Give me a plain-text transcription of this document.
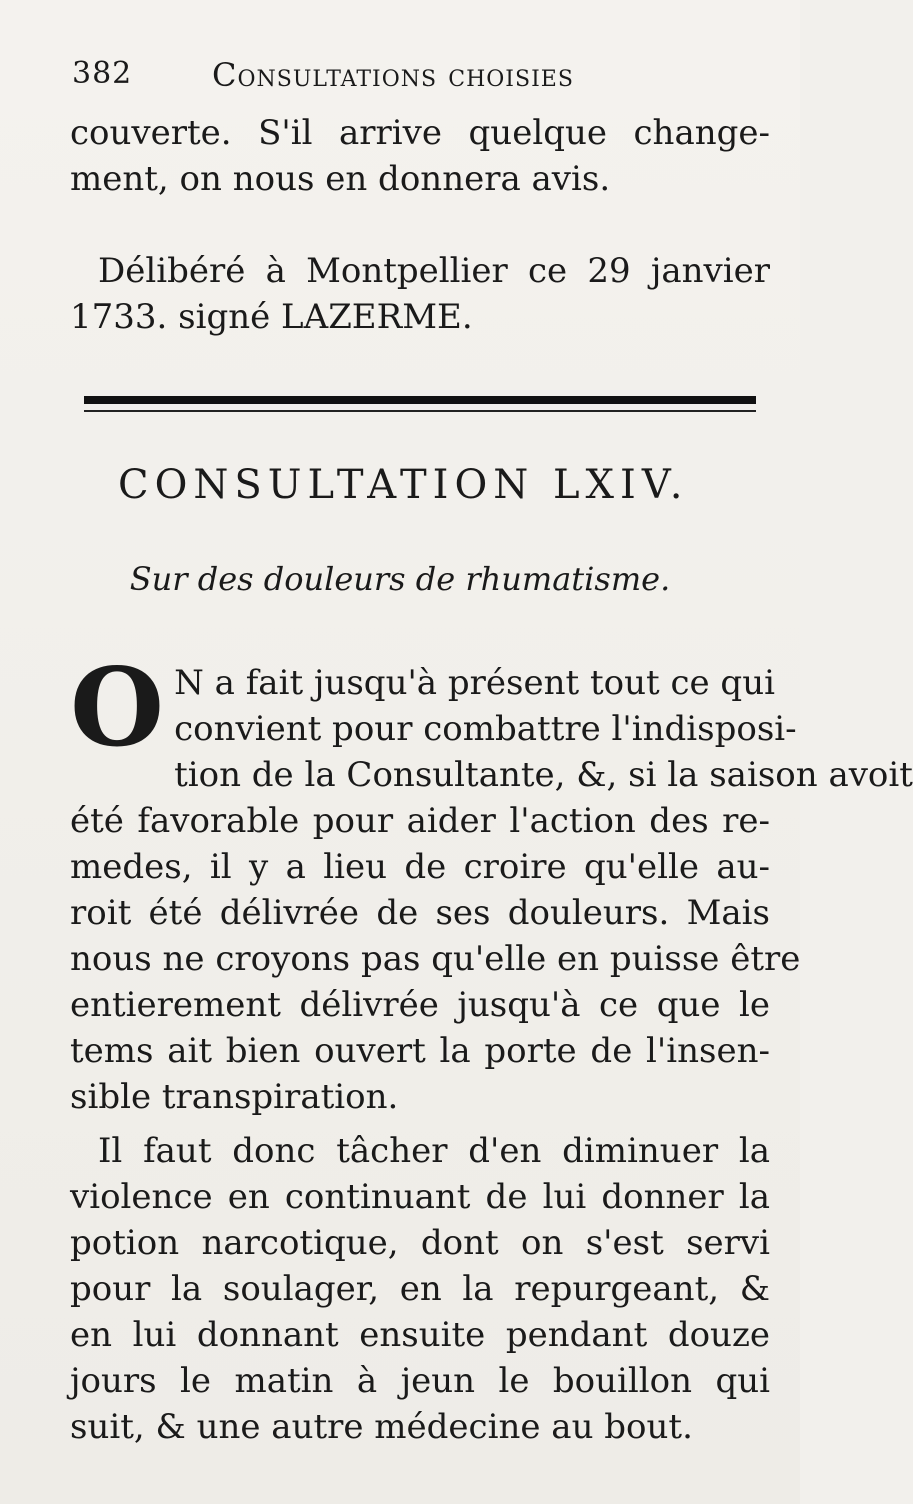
382 Consultations choisies
couverte. S'il arrive quelque change-
ment, on nous en donnera avis.
Délibéré à Montpellier ce 29 janvier
1733. signé LAZERME.
CONSULTATION LXIV.
Sur des douleurs de rhumatisme.
O N a fait jusqu'à présent tout ce qui
convient pour combattre l'indisposi-
tion de la Consultante, &, si la saison avoit
été favorable pour aider l'action des re-
medes, il y a lieu de croire qu'elle au-
roit été délivrée de ses douleurs. Mais
nous ne croyons pas qu'elle en puisse être
entierement délivrée jusqu'à ce que le
tems ait bien ouvert la porte de l'insen-
sible transpiration.
Il faut donc tâcher d'en diminuer la
violence en continuant de lui donner la
potion narcotique, dont on s'est servi
pour la soulager, en la repurgeant, &
en lui donnant ensuite pendant douze
jours le matin à jeun le bouillon qui
suit, & une autre médecine au bout.
